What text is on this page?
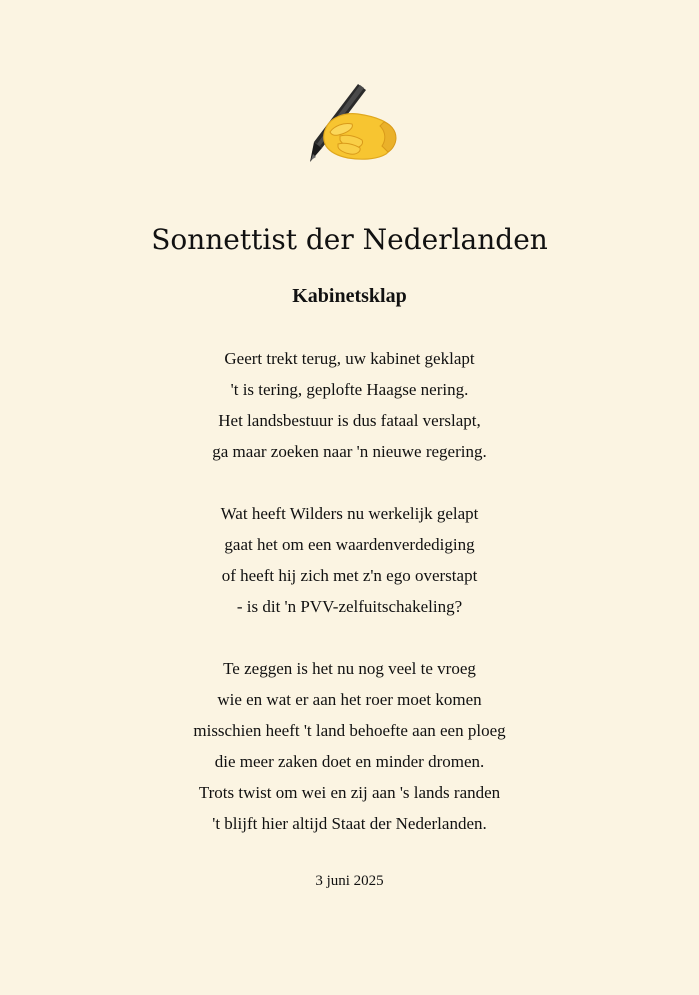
Sonnettist der Nederlanden
Kabinetsklap
Geert trekt terug, uw kabinet geklapt
't is tering, geplofte Haagse nering.
Het landsbestuur is dus fataal verslapt,
ga maar zoeken naar 'n nieuwe regering.
Wat heeft Wilders nu werkelijk gelapt
gaat het om een waardenverdediging
of heeft hij zich met z'n ego overstapt
- is dit 'n PVV-zelfuitschakeling?
Te zeggen is het nu nog veel te vroeg
wie en wat er aan het roer moet komen
misschien heeft 't land behoefte aan een ploeg
die meer zaken doet en minder dromen.
Trots twist om wei en zij aan 's lands randen
't blijft hier altijd Staat der Nederlanden.
3 juni 2025
